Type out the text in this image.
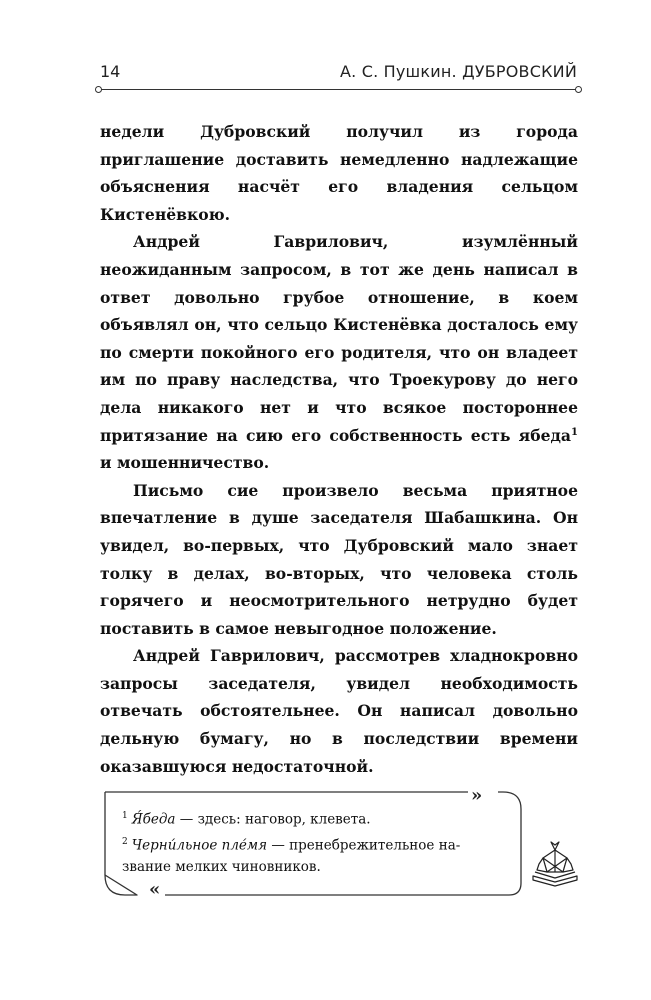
14	А. С. Пушкин. ДУБРОВСКИЙ

недели Дубровский получил из города приглашение доставить немедленно надлежащие объяснения насчёт его владения сельцом Кистенёвкою.

Андрей Гаврилович, изумлённый неожиданным запросом, в тот же день написал в ответ довольно грубое отношение, в коем объявлял он, что сельцо Кистенёвка досталось ему по смерти покойного его родителя, что он владеет им по праву наследства, что Троекурову до него дела никакого нет и что всякое постороннее притязание на сию его собственность есть ябеда$^1$ и мошенничество.

Письмо сие произвело весьма приятное впечатление в душе заседателя Шабашкина. Он увидел, во-первых, что Дубровский мало знает толку в делах, во-вторых, что человека столь горячего и неосмотрительного нетрудно будет поставить в самое невыгодное положение.

Андрей Гаврилович, рассмотрев хладнокровно запросы заседателя, увидел необходимость отвечать обстоятельнее. Он написал довольно дельную бумагу, но в последствии времени оказавшуюся недостаточной.

»
«

$^1$ Я́беда — здесь: наговор, клевета.

$^2$ Черни́льное пле́мя — пренебрежительное название мелких чиновников.
